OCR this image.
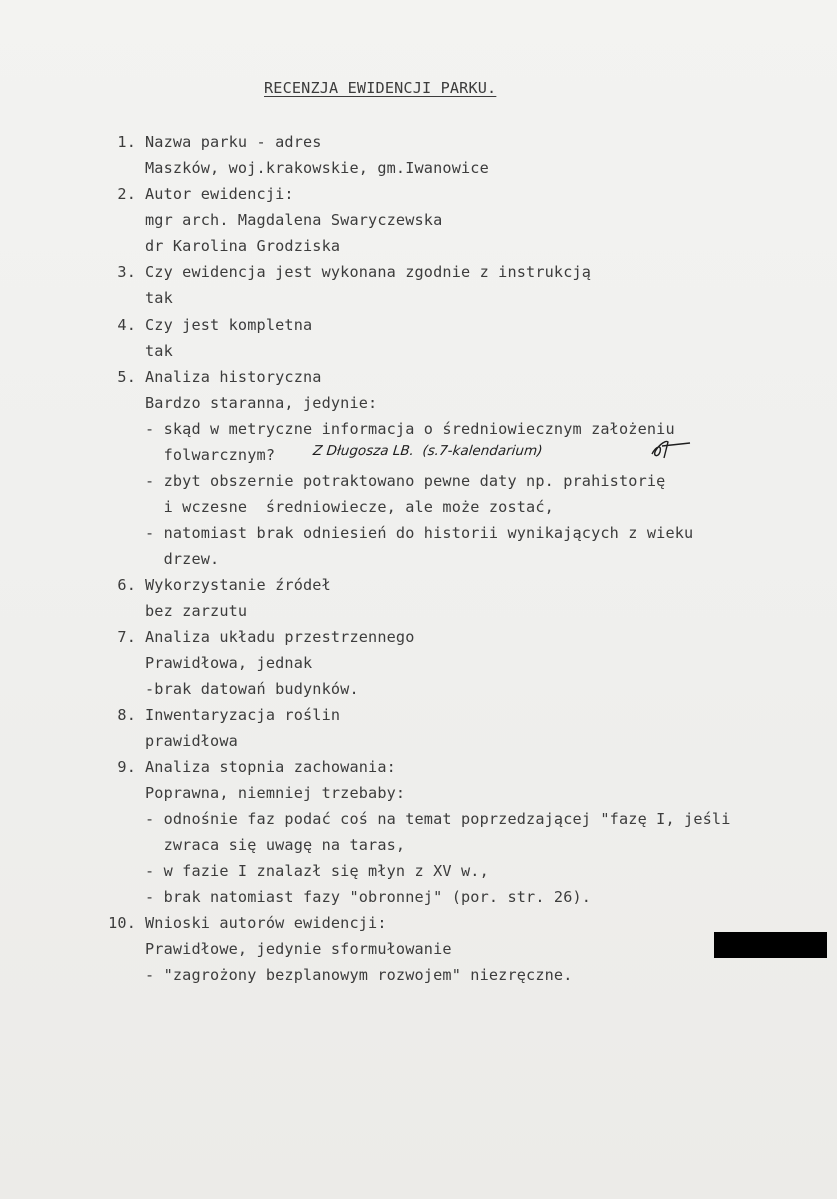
RECENZJA EWIDENCJI PARKU.
1. Nazwa parku - adres
Maszków, woj.krakowskie, gm.Iwanowice
2. Autor ewidencji:
mgr arch. Magdalena Swaryczewska
dr Karolina Grodziska
3. Czy ewidencja jest wykonana zgodnie z instrukcją
tak
4. Czy jest kompletna
tak
5. Analiza historyczna
Bardzo staranna, jedynie:
- skąd w metryczne informacja o średniowiecznym założeniu
folwarcznym?	Z Długosza LB.  (s.7-kalendarium)
- zbyt obszernie potraktowano pewne daty np. prahistorię
i wczesne  średniowiecze, ale może zostać,
- natomiast brak odniesień do historii wynikających z wieku
drzew.
6. Wykorzystanie źródeł
bez zarzutu
7. Analiza układu przestrzennego
Prawidłowa, jednak
-brak datowań budynków.
8. Inwentaryzacja roślin
prawidłowa
9. Analiza stopnia zachowania:
Poprawna, niemniej trzebaby:
- odnośnie faz podać coś na temat poprzedzającej "fazę I, jeśli
zwraca się uwagę na taras,
- w fazie I znalazł się młyn z XV w.,
- brak natomiast fazy "obronnej" (por. str. 26).
10. Wnioski autorów ewidencji:
Prawidłowe, jedynie sformułowanie
- "zagrożony bezplanowym rozwojem" niezręczne.
